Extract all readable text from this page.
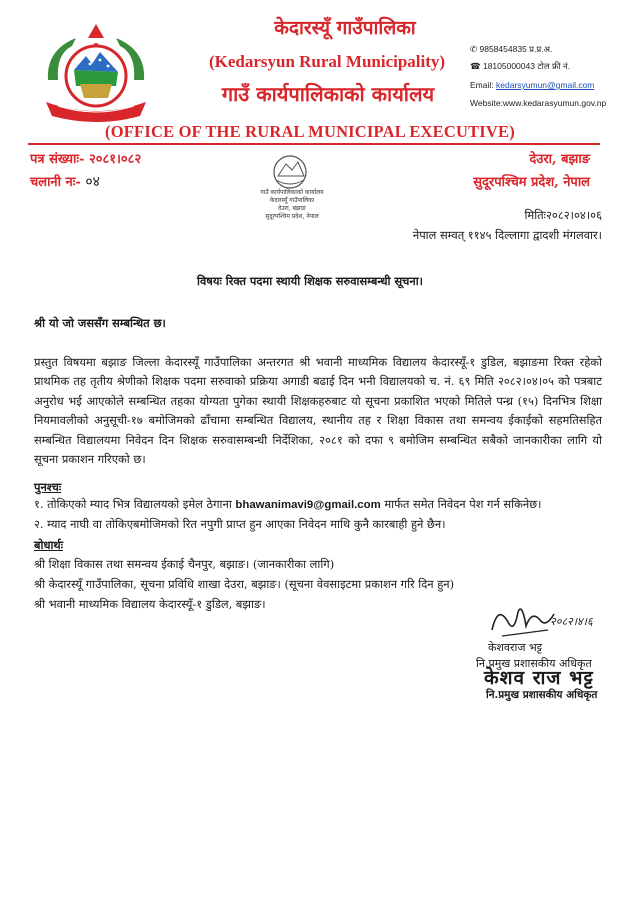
केदारस्यूँ गाउँपालिका
(Kedarsyun Rural Municipality)
गाउँ कार्यपालिकाको कार्यालय
✆ 9858454835 प्र.प्र.अ.
☎ 18105000043 टोल फ्री नं.
Email: kedarsyumun@gmail.com
Website:www.kedarasyumun.gov.np
(OFFICE OF THE RURAL MUNICIPAL EXECUTIVE)
पत्र संख्याः- २०८१।०८२
चलानी नः- ०४
गाउँ कार्यपालिकाको कार्यालय
केदारस्यूँ गाउँपालिका
देउरा, बझाङ
सुदूरपश्चिम प्रदेश, नेपाल
देउरा, बझाङ
सुदूरपश्चिम प्रदेश, नेपाल
मितिः२०८२।०४।०६
नेपाल सम्वत् ११४५ दिल्लागा द्वादशी मंगलवार।
विषयः रिक्त पदमा स्थायी शिक्षक सरुवासम्बन्धी सूचना।
श्री यो जो जससँग सम्बन्धित छ।
प्रस्तुत विषयमा बझाङ जिल्ला केदारस्यूँ गाउँपालिका अन्तरगत श्री भवानी माध्यमिक विद्यालय केदारस्यूँ-१ डुडिल, बझाङमा रिक्त रहेको प्राथमिक तह तृतीय श्रेणीको शिक्षक पदमा सरुवाको प्रक्रिया अगाडी बढाई दिन भनी विद्यालयको च. नं. ६९ मिति २०८२।०४।०५ को पत्रबाट अनुरोध भई आएकोले सम्बन्धित तहका योग्यता पुगेका स्थायी शिक्षकहरुबाट यो सूचना प्रकाशित भएको मितिले पन्ध्र (१५) दिनभित्र शिक्षा नियमावलीको अनुसूची-१७ बमोजिमको ढाँचामा सम्बन्धित विद्यालय, स्थानीय तह र शिक्षा विकास तथा समन्वय ईकाईको सहमतिसहित सम्बन्धित विद्यालयमा निवेदन दिन शिक्षक सरुवासम्बन्धी निर्देशिका, २०८१ को दफा ९ बमोजिम सम्बन्धित सबैको जानकारीका लागि यो सूचना प्रकाशन गरिएको छ।
पुनश्चः
१. तोकिएको म्याद भित्र विद्यालयको इमेल ठेगाना bhawanimavi9@gmail.com मार्फत समेत निवेदन पेश गर्न सकिनेछ।
२. म्याद नाघी वा तोकिएबमोजिमको रित नपुगी प्राप्त हुन आएका निवेदन माथि कुनै कारबाही हुने छैन।
बोधार्थः
श्री शिक्षा विकास तथा समन्वय ईकाई चैनपुर, बझाङ। (जानकारीका लागि)
श्री केदारस्यूँ गाउँपालिका, सूचना प्रविधि शाखा देउरा, बझाङ। (सूचना वेवसाइटमा प्रकाशन गरि दिन हुन)
श्री भवानी माध्यमिक विद्यालय केदारस्यूँ-१ डुडिल, बझाङ।
२०८२।४।६
केशवराज भट्ट
नि.प्रमुख प्रशासकीय अधिकृत
केशव राज भट्ट
नि.प्रमुख प्रशासकीय अधिकृत
